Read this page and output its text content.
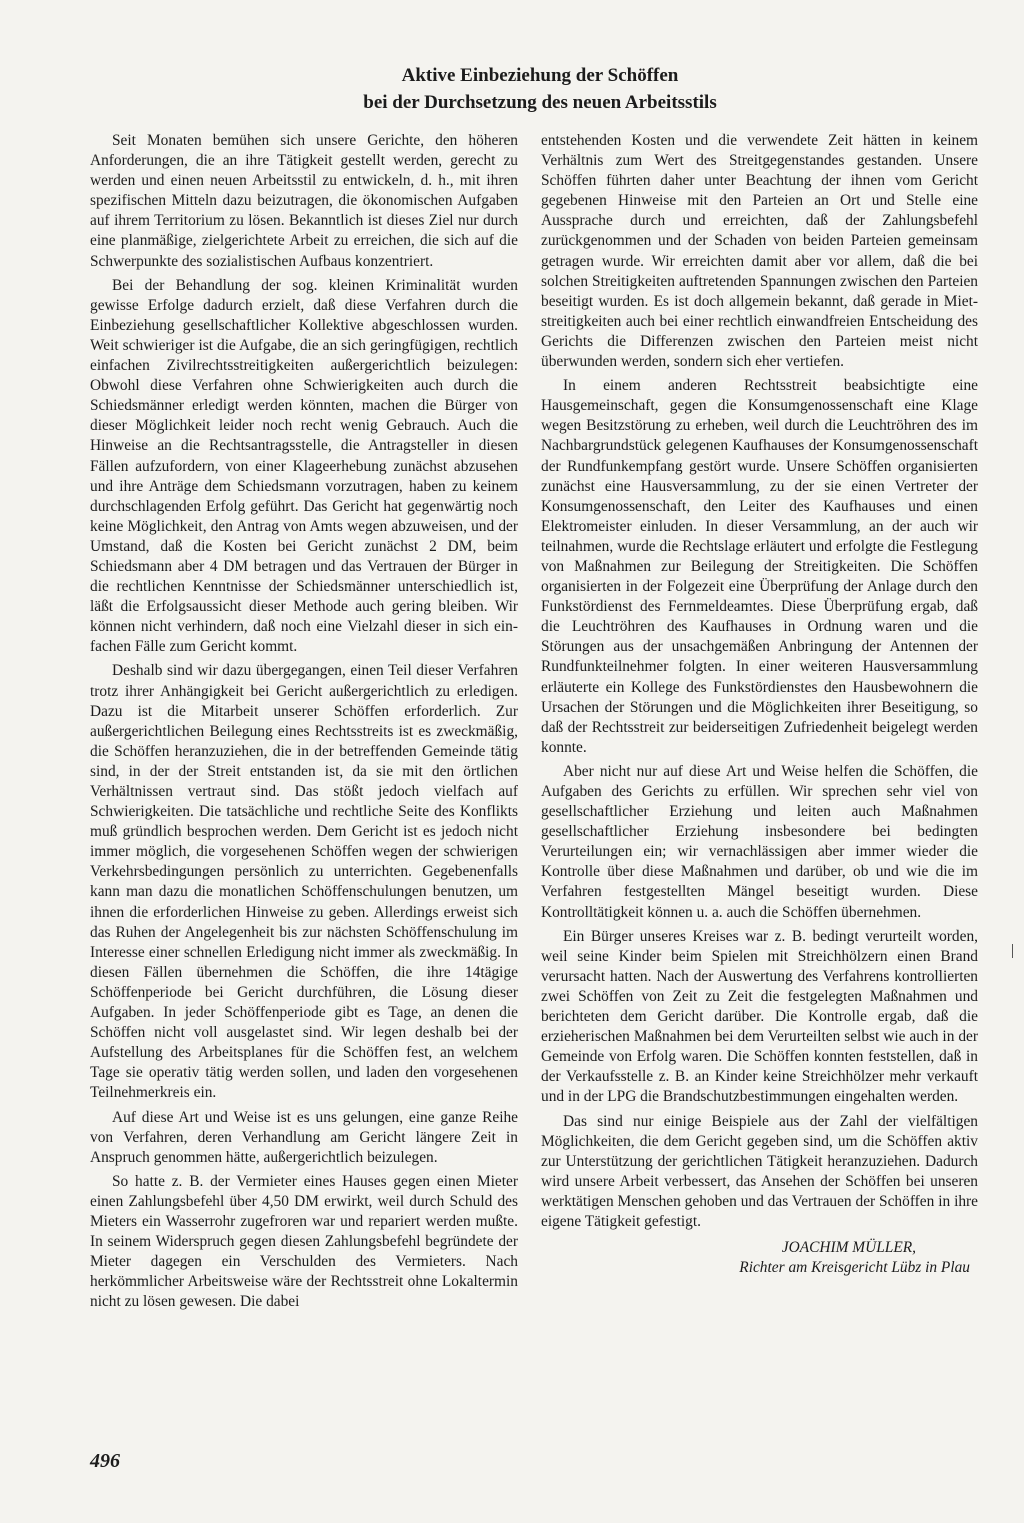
Aktive Einbeziehung der Schöffen
bei der Durchsetzung des neuen Arbeitsstils

Seit Monaten bemühen sich unsere Gerichte, den höheren Anforderungen, die an ihre Tätigkeit gestellt werden, gerecht zu werden und einen neuen Arbeitsstil zu entwickeln, d. h., mit ihren spezifischen Mitteln dazu beizutragen, die ökonomischen Aufgaben auf ihrem Territorium zu lösen. Bekanntlich ist dieses Ziel nur durch eine planmäßige, zielgerichtete Arbeit zu erreichen, die sich auf die Schwerpunkte des sozialistischen Aufbaus konzentriert.

Bei der Behandlung der sog. kleinen Kriminalität wurden gewisse Erfolge dadurch erzielt, daß diese Verfahren durch die Einbeziehung gesellschaftlicher Kollektive abgeschlossen wurden. Weit schwieriger ist die Aufgabe, die an sich geringfügigen, rechtlich einfachen Zivilrechtsstreitigkeiten außergerichtlich beizulegen: Obwohl diese Verfahren ohne Schwierigkeiten auch durch die Schiedsmänner erledigt werden könnten, machen die Bürger von dieser Möglichkeit leider noch recht wenig Gebrauch. Auch die Hinweise an die Rechtsantragsstelle, die Antragsteller in diesen Fällen aufzufordern, von einer Klageerhebung zunächst abzusehen und ihre Anträge dem Schiedsmann vorzutragen, haben zu keinem durchschlagenden Erfolg geführt. Das Gericht hat gegenwärtig noch keine Möglichkeit, den Antrag von Amts wegen abzuweisen, und der Umstand, daß die Kosten bei Gericht zunächst 2 DM, beim Schiedsmann aber 4 DM betragen und das Vertrauen der Bürger in die rechtlichen Kenntnisse der Schiedsmänner unterschiedlich ist, läßt die Erfolgsaussicht dieser Methode auch gering bleiben. Wir können nicht verhindern, daß noch eine Vielzahl dieser in sich einfachen Fälle zum Gericht kommt.

Deshalb sind wir dazu übergegangen, einen Teil dieser Verfahren trotz ihrer Anhängigkeit bei Gericht außergerichtlich zu erledigen. Dazu ist die Mitarbeit unserer Schöffen erforderlich. Zur außergerichtlichen Beilegung eines Rechtsstreits ist es zweckmäßig, die Schöffen heranzuziehen, die in der betreffenden Gemeinde tätig sind, in der der Streit entstanden ist, da sie mit den örtlichen Verhältnissen vertraut sind. Das stößt jedoch vielfach auf Schwierigkeiten. Die tatsächliche und rechtliche Seite des Konflikts muß gründlich besprochen werden. Dem Gericht ist es jedoch nicht immer möglich, die vorgesehenen Schöffen wegen der schwierigen Verkehrsbedingungen persönlich zu unterrichten. Gegebenenfalls kann man dazu die monatlichen Schöffenschulungen benutzen, um ihnen die erforderlichen Hinweise zu geben. Allerdings erweist sich das Ruhen der Angelegenheit bis zur nächsten Schöffenschulung im Interesse einer schnellen Erledigung nicht immer als zweckmäßig. In diesen Fällen übernehmen die Schöffen, die ihre 14tägige Schöffenperiode bei Gericht durchführen, die Lösung dieser Aufgaben. In jeder Schöffenperiode gibt es Tage, an denen die Schöffen nicht voll ausgelastet sind. Wir legen deshalb bei der Aufstellung des Arbeitsplanes für die Schöffen fest, an welchem Tage sie operativ tätig werden sollen, und laden den vorgesehenen Teilnehmerkreis ein.

Auf diese Art und Weise ist es uns gelungen, eine ganze Reihe von Verfahren, deren Verhandlung am Gericht längere Zeit in Anspruch genommen hätte, außergerichtlich beizulegen.

So hatte z. B. der Vermieter eines Hauses gegen einen Mieter einen Zahlungsbefehl über 4,50 DM erwirkt, weil durch Schuld des Mieters ein Wasserrohr zugefroren war und repariert werden mußte. In seinem Widerspruch gegen diesen Zahlungsbefehl begründete der Mieter dagegen ein Verschulden des Vermieters. Nach herkömmlicher Arbeitsweise wäre der Rechtsstreit ohne Lokaltermin nicht zu lösen gewesen. Die dabei

entstehenden Kosten und die verwendete Zeit hätten in keinem Verhältnis zum Wert des Streitgegenstandes gestanden. Unsere Schöffen führten daher unter Beachtung der ihnen vom Gericht gegebenen Hinweise mit den Parteien an Ort und Stelle eine Aussprache durch und erreichten, daß der Zahlungsbefehl zurückgenommen und der Schaden von beiden Parteien gemeinsam getragen wurde. Wir erreichten damit aber vor allem, daß die bei solchen Streitigkeiten auftretenden Spannungen zwischen den Parteien beseitigt wurden. Es ist doch allgemein bekannt, daß gerade in Mietstreitigkeiten auch bei einer rechtlich einwandfreien Entscheidung des Gerichts die Differenzen zwischen den Parteien meist nicht überwunden werden, sondern sich eher vertiefen.

In einem anderen Rechtsstreit beabsichtigte eine Hausgemeinschaft, gegen die Konsumgenossenschaft eine Klage wegen Besitzstörung zu erheben, weil durch die Leuchtröhren des im Nachbargrundstück gelegenen Kaufhauses der Konsumgenossenschaft der Rundfunkempfang gestört wurde. Unsere Schöffen organisierten zunächst eine Hausversammlung, zu der sie einen Vertreter der Konsumgenossenschaft, den Leiter des Kaufhauses und einen Elektromeister einluden. In dieser Versammlung, an der auch wir teilnahmen, wurde die Rechtslage erläutert und erfolgte die Festlegung von Maßnahmen zur Beilegung der Streitigkeiten. Die Schöffen organisierten in der Folgezeit eine Überprüfung der Anlage durch den Funkstördienst des Fernmeldeamtes. Diese Überprüfung ergab, daß die Leuchtröhren des Kaufhauses in Ordnung waren und die Störungen aus der unsachgemäßen Anbringung der Antennen der Rundfunkteilnehmer folgten. In einer weiteren Hausversammlung erläuterte ein Kollege des Funkstördienstes den Hausbewohnern die Ursachen der Störungen und die Möglichkeiten ihrer Beseitigung, so daß der Rechtsstreit zur beiderseitigen Zufriedenheit beigelegt werden konnte.

Aber nicht nur auf diese Art und Weise helfen die Schöffen, die Aufgaben des Gerichts zu erfüllen. Wir sprechen sehr viel von gesellschaftlicher Erziehung und leiten auch Maßnahmen gesellschaftlicher Erziehung insbesondere bei bedingten Verurteilungen ein; wir vernachlässigen aber immer wieder die Kontrolle über diese Maßnahmen und darüber, ob und wie die im Verfahren festgestellten Mängel beseitigt wurden. Diese Kontrolltätigkeit können u. a. auch die Schöffen übernehmen.

Ein Bürger unseres Kreises war z. B. bedingt verurteilt worden, weil seine Kinder beim Spielen mit Streichhölzern einen Brand verursacht hatten. Nach der Auswertung des Verfahrens kontrollierten zwei Schöffen von Zeit zu Zeit die festgelegten Maßnahmen und berichteten dem Gericht darüber. Die Kontrolle ergab, daß die erzieherischen Maßnahmen bei dem Verurteilten selbst wie auch in der Gemeinde von Erfolg waren. Die Schöffen konnten feststellen, daß in der Verkaufsstelle z. B. an Kinder keine Streichhölzer mehr verkauft und in der LPG die Brandschutzbestimmungen eingehalten werden.

Das sind nur einige Beispiele aus der Zahl der vielfältigen Möglichkeiten, die dem Gericht gegeben sind, um die Schöffen aktiv zur Unterstützung der gerichtlichen Tätigkeit heranzuziehen. Dadurch wird unsere Arbeit verbessert, das Ansehen der Schöffen bei unseren werktätigen Menschen gehoben und das Vertrauen der Schöffen in ihre eigene Tätigkeit gefestigt.

JOACHIM MÜLLER,
Richter am Kreisgericht Lübz in Plau
496
